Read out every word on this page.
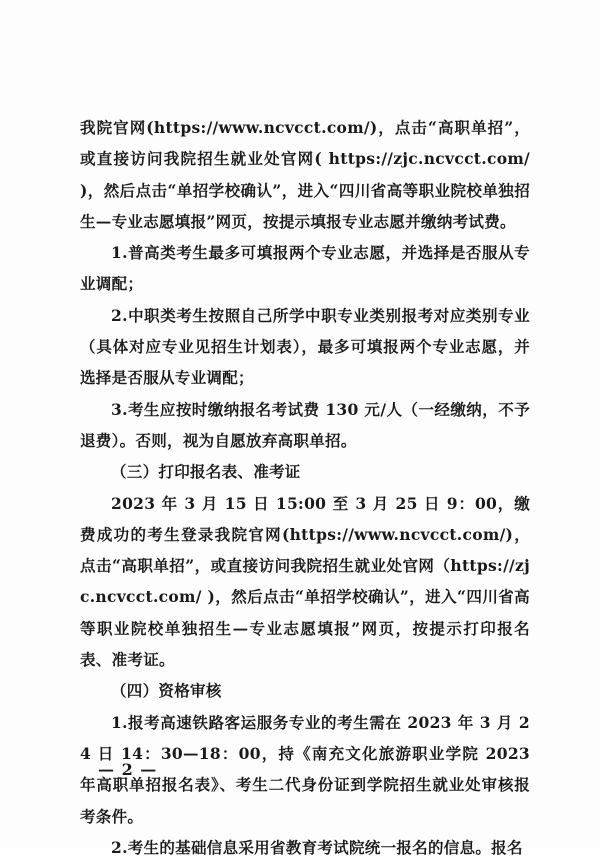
我院官网(https://www.ncvcct.com/)，点击“高职单招”，或直接访问我院招生就业处官网( https://zjc.ncvcct.com/ )，然后点击“单招学校确认”，进入“四川省高等职业院校单独招生—专业志愿填报”网页，按提示填报专业志愿并缴纳考试费。

1.普高类考生最多可填报两个专业志愿，并选择是否服从专业调配；

2.中职类考生按照自己所学中职专业类别报考对应类别专业（具体对应专业见招生计划表），最多可填报两个专业志愿，并选择是否服从专业调配；

3.考生应按时缴纳报名考试费 130 元/人（一经缴纳，不予退费）。否则，视为自愿放弃高职单招。

（三）打印报名表、准考证

2023 年 3 月 15 日 15:00 至 3 月 25 日 9：00，缴费成功的考生登录我院官网(https://www.ncvcct.com/)，点击“高职单招”，或直接访问我院招生就业处官网（https://zjc.ncvcct.com/ )，然后点击“单招学校确认”，进入“四川省高等职业院校单独招生—专业志愿填报”网页，按提示打印报名表、准考证。

（四）资格审核

1.报考高速铁路客运服务专业的考生需在 2023 年 3 月 24 日 14：30—18：00，持《南充文化旅游职业学院 2023 年高职单招报名表》、考生二代身份证到学院招生就业处审核报考条件。

2.考生的基础信息采用省教育考试院统一报名的信息。报名

— 2 —
